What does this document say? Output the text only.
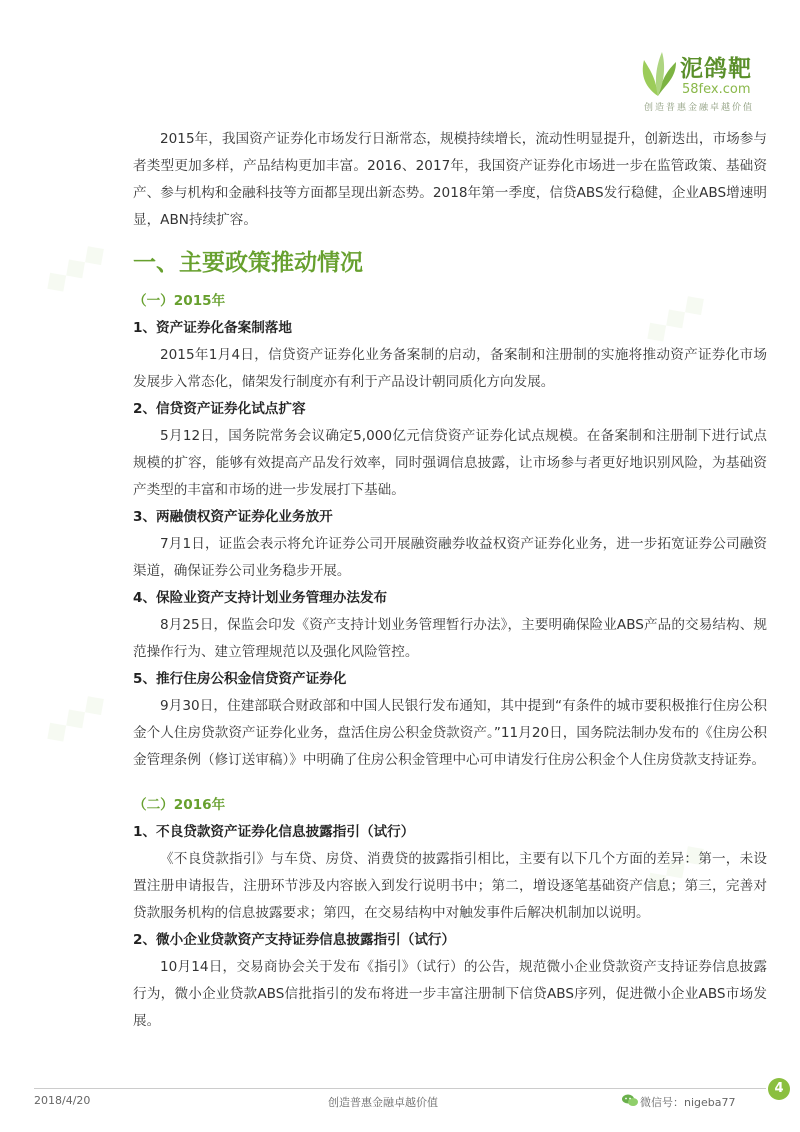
◆◆◆
◆◆◆
◆◆◆
◆◆◆
泥鸽靶
58fex.com
创造普惠金融卓越价值

2015年，我国资产证券化市场发行日渐常态，规模持续增长，流动性明显提升，创新迭出，市场参与者类型更加多样，产品结构更加丰富。2016、2017年，我国资产证券化市场进一步在监管政策、基础资产、参与机构和金融科技等方面都呈现出新态势。2018年第一季度，信贷ABS发行稳健，企业ABS增速明显，ABN持续扩容。

一、主要政策推动情况
（一）2015年
1、资产证券化备案制落地

2015年1月4日，信贷资产证券化业务备案制的启动，备案制和注册制的实施将推动资产证券化市场发展步入常态化，储架发行制度亦有利于产品设计朝同质化方向发展。

2、信贷资产证券化试点扩容

5月12日，国务院常务会议确定5,000亿元信贷资产证券化试点规模。在备案制和注册制下进行试点规模的扩容，能够有效提高产品发行效率，同时强调信息披露，让市场参与者更好地识别风险，为基础资产类型的丰富和市场的进一步发展打下基础。

3、两融债权资产证券化业务放开

7月1日，证监会表示将允许证券公司开展融资融券收益权资产证券化业务，进一步拓宽证券公司融资渠道，确保证券公司业务稳步开展。

4、保险业资产支持计划业务管理办法发布

8月25日，保监会印发《资产支持计划业务管理暂行办法》，主要明确保险业ABS产品的交易结构、规范操作行为、建立管理规范以及强化风险管控。

5、推行住房公积金信贷资产证券化

9月30日，住建部联合财政部和中国人民银行发布通知，其中提到“有条件的城市要积极推行住房公积金个人住房贷款资产证券化业务，盘活住房公积金贷款资产。”11月20日，国务院法制办发布的《住房公积金管理条例（修订送审稿）》中明确了住房公积金管理中心可申请发行住房公积金个人住房贷款支持证券。

（二）2016年
1、不良贷款资产证券化信息披露指引（试行）

《不良贷款指引》与车贷、房贷、消费贷的披露指引相比，主要有以下几个方面的差异：第一，未设置注册申请报告，注册环节涉及内容嵌入到发行说明书中；第二，增设逐笔基础资产信息；第三，完善对贷款服务机构的信息披露要求；第四，在交易结构中对触发事件后解决机制加以说明。

2、微小企业贷款资产支持证券信息披露指引（试行）

10月14日，交易商协会关于发布《指引》（试行）的公告，规范微小企业贷款资产支持证券信息披露行为，微小企业贷款ABS信批指引的发布将进一步丰富注册制下信贷ABS序列，促进微小企业ABS市场发展。

2018/4/20	创造普惠金融卓越价值	微信号：nigeba77
4
